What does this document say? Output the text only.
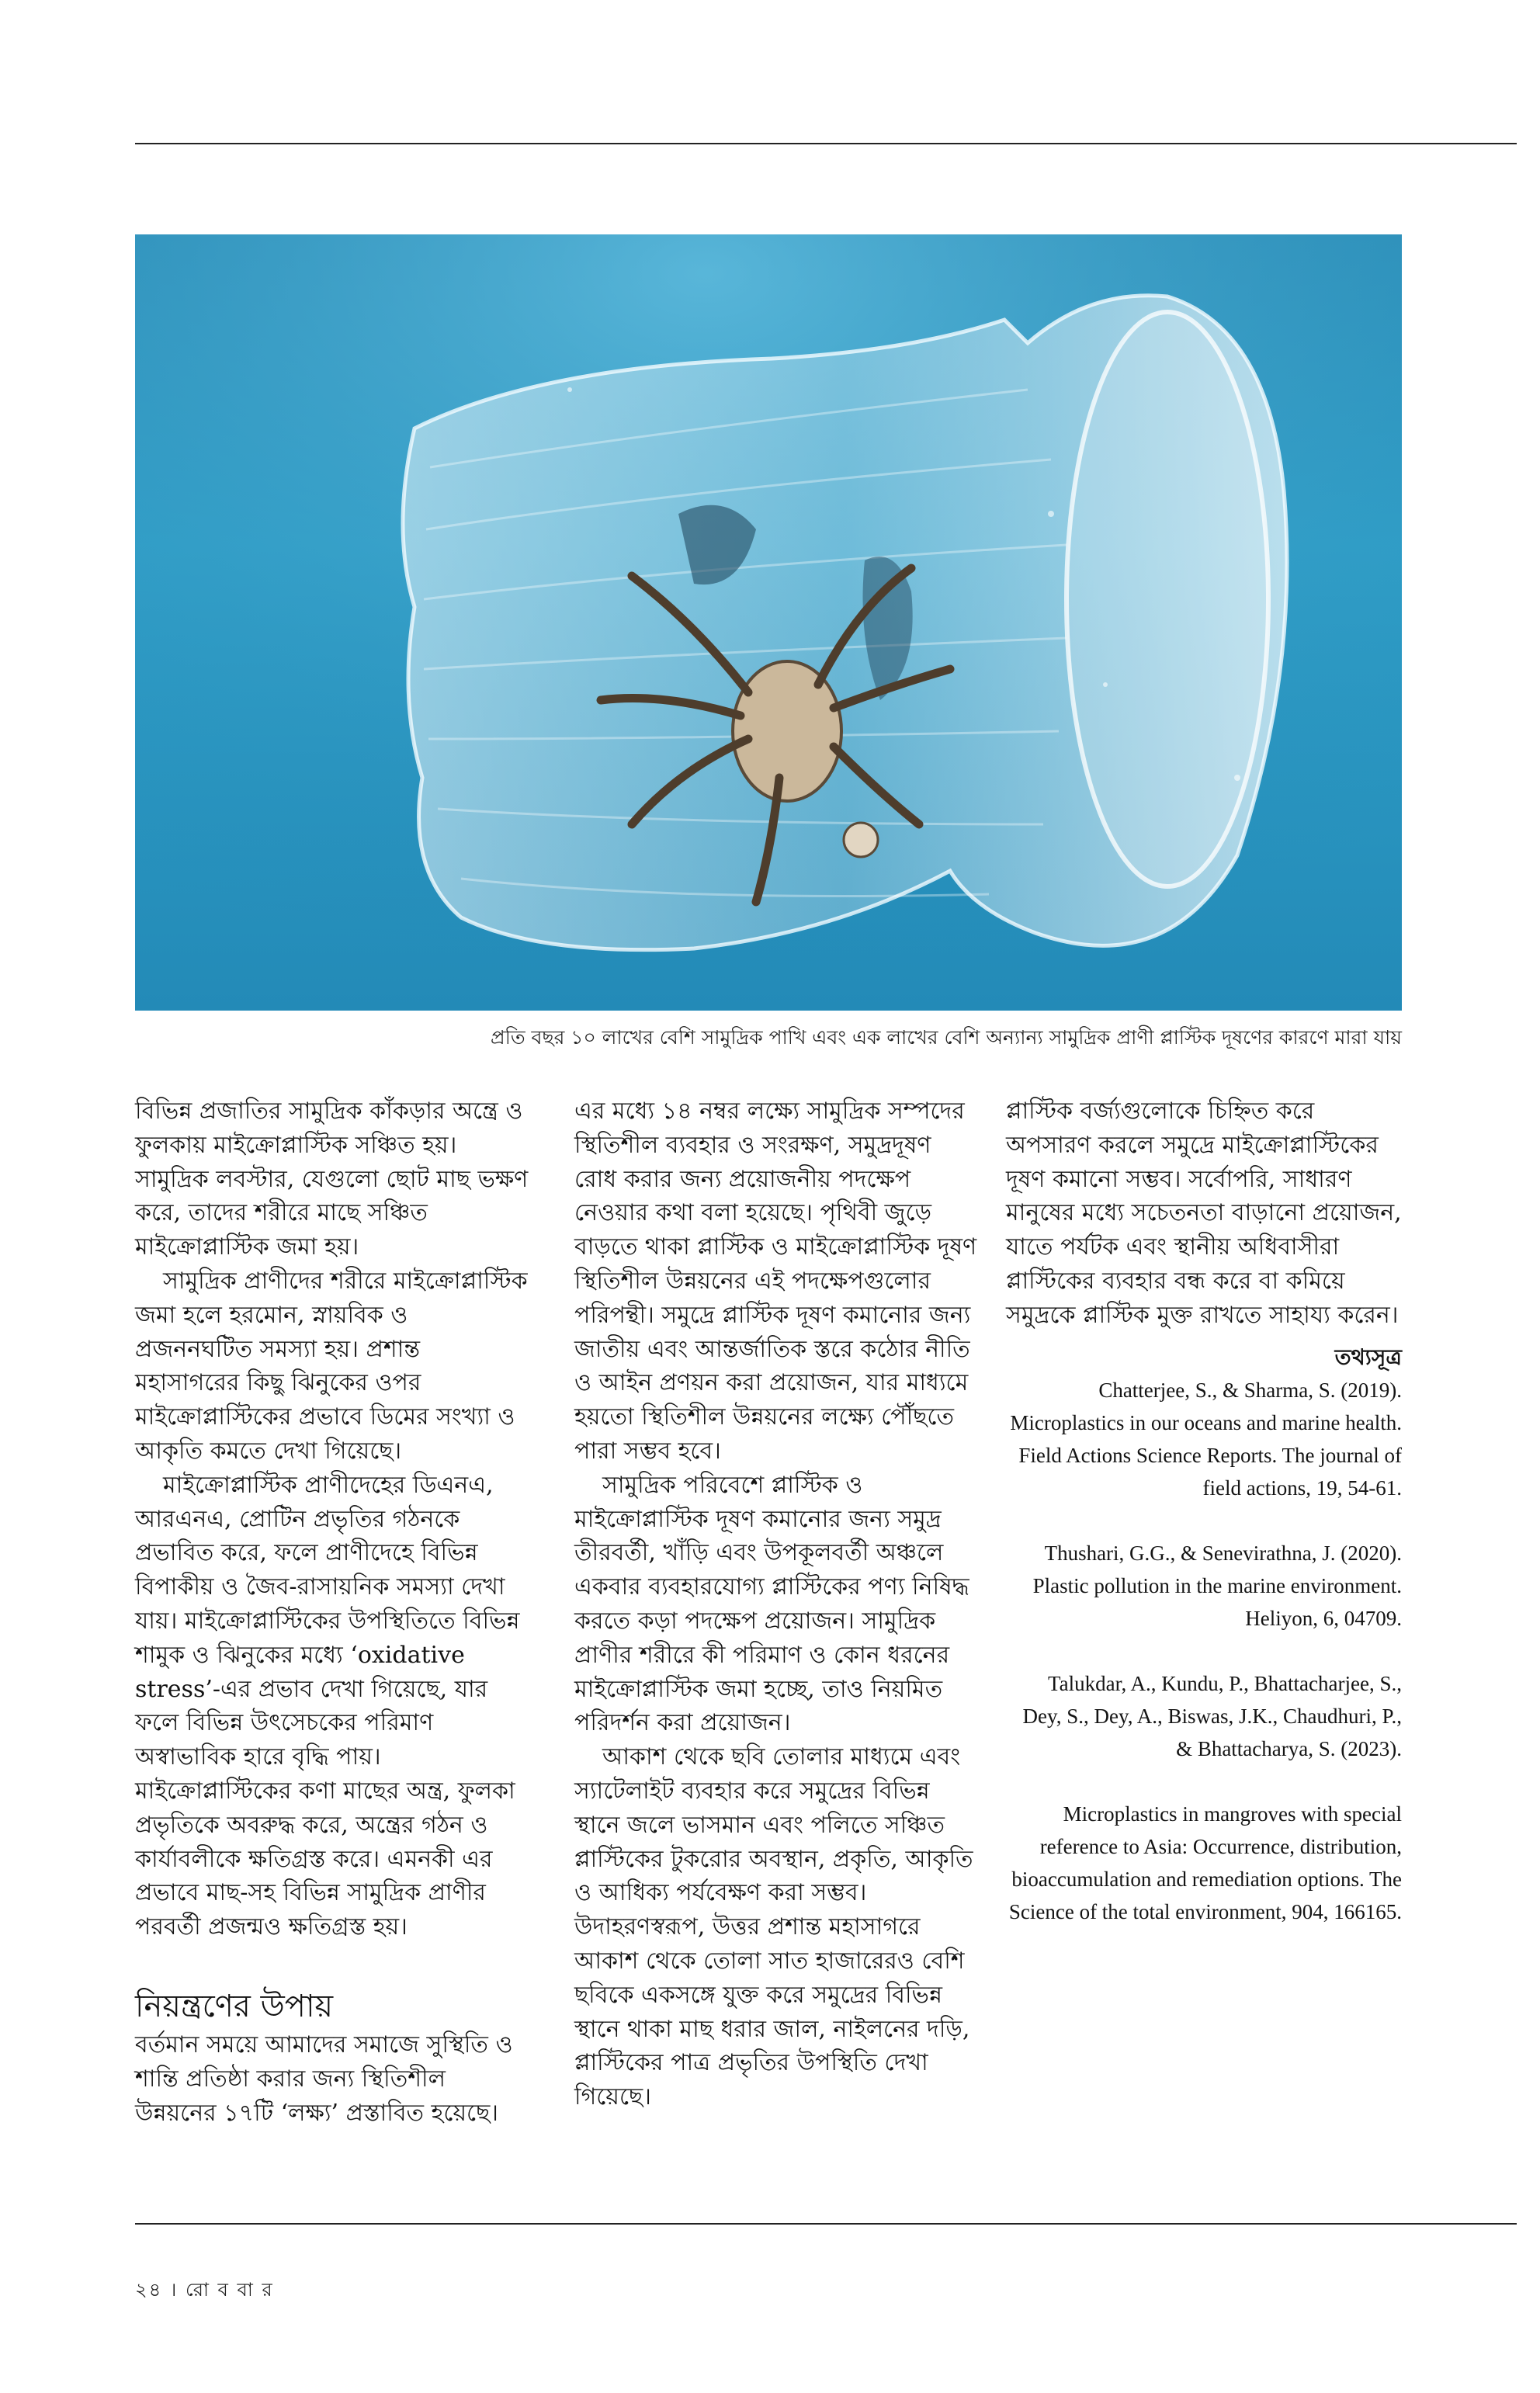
প্রতি বছর ১০ লাখের বেশি সামুদ্রিক পাখি এবং এক লাখের বেশি অন্যান্য সামুদ্রিক প্রাণী প্লাস্টিক দূষণের কারণে মারা যায়

বিভিন্ন প্রজাতির সামুদ্রিক কাঁকড়ার অন্ত্রে ও ফুলকায় মাইক্রোপ্লাস্টিক সঞ্চিত হয়। সামুদ্রিক লবস্টার, যেগুলো ছোট মাছ ভক্ষণ করে, তাদের শরীরে মাছে সঞ্চিত মাইক্রোপ্লাস্টিক জমা হয়।

সামুদ্রিক প্রাণীদের শরীরে মাইক্রোপ্লাস্টিক জমা হলে হরমোন, স্নায়বিক ও প্রজননঘটিত সমস্যা হয়। প্রশান্ত মহাসাগরের কিছু ঝিনুকের ওপর মাইক্রোপ্লাস্টিকের প্রভাবে ডিমের সংখ্যা ও আকৃতি কমতে দেখা গিয়েছে।

মাইক্রোপ্লাস্টিক প্রাণীদেহের ডিএনএ, আরএনএ, প্রোটিন প্রভৃতির গঠনকে প্রভাবিত করে, ফলে প্রাণীদেহে বিভিন্ন বিপাকীয় ও জৈব-রাসায়নিক সমস্যা দেখা যায়। মাইক্রোপ্লাস্টিকের উপস্থিতিতে বিভিন্ন শামুক ও ঝিনুকের মধ্যে ‘oxidative stress’-এর প্রভাব দেখা গিয়েছে, যার ফলে বিভিন্ন উৎসেচকের পরিমাণ অস্বাভাবিক হারে বৃদ্ধি পায়। মাইক্রোপ্লাস্টিকের কণা মাছের অন্ত্র, ফুলকা প্রভৃতিকে অবরুদ্ধ করে, অন্ত্রের গঠন ও কার্যাবলীকে ক্ষতিগ্রস্ত করে। এমনকী এর প্রভাবে মাছ-সহ বিভিন্ন সামুদ্রিক প্রাণীর পরবর্তী প্রজন্মও ক্ষতিগ্রস্ত হয়।

নিয়ন্ত্রণের উপায়

বর্তমান সময়ে আমাদের সমাজে সুস্থিতি ও শান্তি প্রতিষ্ঠা করার জন্য স্থিতিশীল উন্নয়নের ১৭টি ‘লক্ষ্য’ প্রস্তাবিত হয়েছে।

এর মধ্যে ১৪ নম্বর লক্ষ্যে সামুদ্রিক সম্পদের স্থিতিশীল ব্যবহার ও সংরক্ষণ, সমুদ্রদূষণ রোধ করার জন্য প্রয়োজনীয় পদক্ষেপ নেওয়ার কথা বলা হয়েছে। পৃথিবী জুড়ে বাড়তে থাকা প্লাস্টিক ও মাইক্রোপ্লাস্টিক দূষণ স্থিতিশীল উন্নয়নের এই পদক্ষেপগুলোর পরিপন্থী। সমুদ্রে প্লাস্টিক দূষণ কমানোর জন্য জাতীয় এবং আন্তর্জাতিক স্তরে কঠোর নীতি ও আইন প্রণয়ন করা প্রয়োজন, যার মাধ্যমে হয়তো স্থিতিশীল উন্নয়নের লক্ষ্যে পৌঁছতে পারা সম্ভব হবে।

সামুদ্রিক পরিবেশে প্লাস্টিক ও মাইক্রোপ্লাস্টিক দূষণ কমানোর জন্য সমুদ্র তীরবর্তী, খাঁড়ি এবং উপকূলবর্তী অঞ্চলে একবার ব্যবহারযোগ্য প্লাস্টিকের পণ্য নিষিদ্ধ করতে কড়া পদক্ষেপ প্রয়োজন। সামুদ্রিক প্রাণীর শরীরে কী পরিমাণ ও কোন ধরনের মাইক্রোপ্লাস্টিক জমা হচ্ছে, তাও নিয়মিত পরিদর্শন করা প্রয়োজন।

আকাশ থেকে ছবি তোলার মাধ্যমে এবং স্যাটেলাইট ব্যবহার করে সমুদ্রের বিভিন্ন স্থানে জলে ভাসমান এবং পলিতে সঞ্চিত প্লাস্টিকের টুকরোর অবস্থান, প্রকৃতি, আকৃতি ও আধিক্য পর্যবেক্ষণ করা সম্ভব। উদাহরণস্বরূপ, উত্তর প্রশান্ত মহাসাগরে আকাশ থেকে তোলা সাত হাজারেরও বেশি ছবিকে একসঙ্গে যুক্ত করে সমুদ্রের বিভিন্ন স্থানে থাকা মাছ ধরার জাল, নাইলনের দড়ি, প্লাস্টিকের পাত্র প্রভৃতির উপস্থিতি দেখা গিয়েছে।

প্লাস্টিক বর্জ্যগুলোকে চিহ্নিত করে অপসারণ করলে সমুদ্রে মাইক্রোপ্লাস্টিকের দূষণ কমানো সম্ভব। সর্বোপরি, সাধারণ মানুষের মধ্যে সচেতনতা বাড়ানো প্রয়োজন, যাতে পর্যটক এবং স্থানীয় অধিবাসীরা প্লাস্টিকের ব্যবহার বন্ধ করে বা কমিয়ে সমুদ্রকে প্লাস্টিক মুক্ত রাখতে সাহায্য করেন।

তথ্যসূত্র

Chatterjee, S., & Sharma, S. (2019). Microplastics in our oceans and marine health. Field Actions Science Reports. The journal of field actions, 19, 54-61.

Thushari, G.G., & Senevirathna, J. (2020). Plastic pollution in the marine environment. Heliyon, 6, 04709.

Talukdar, A., Kundu, P., Bhattacharjee, S., Dey, S., Dey, A., Biswas, J.K., Chaudhuri, P., & Bhattacharya, S. (2023).

Microplastics in mangroves with special reference to Asia: Occurrence, distribution, bioaccumulation and remediation options. The Science of the total environment, 904, 166165.

২৪ । রো ব বা র
